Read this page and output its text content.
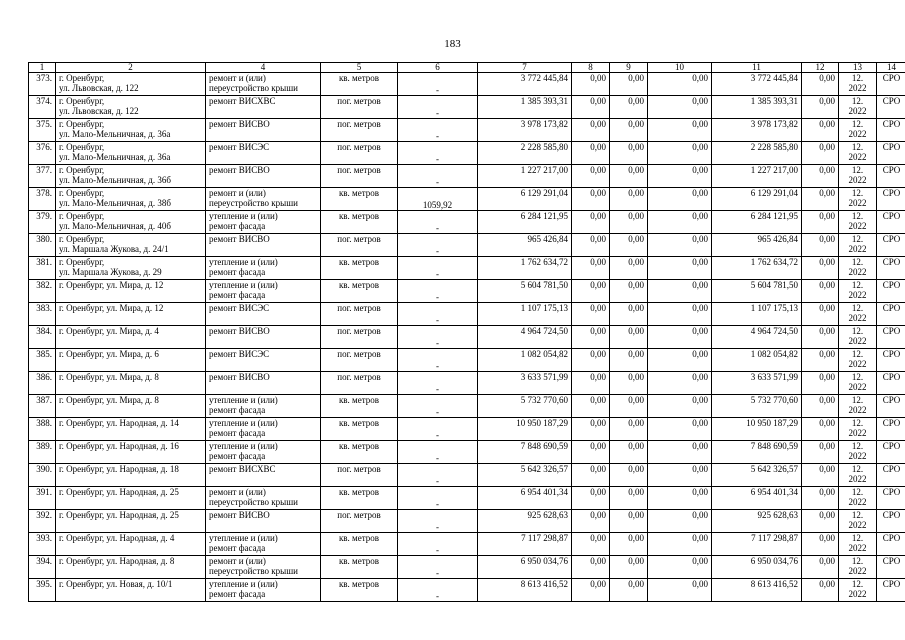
183
1	2	4	5	6	7	8	9	10	11	12	13	14
373.	г. Оренбург,
ул. Львовская, д. 122	ремонт и (или)
переустройство крыши	кв. метров	-	3 772 445,84	0,00	0,00	0,00	3 772 445,84	0,00	12.
2022	СРО
374.	г. Оренбург,
ул. Львовская, д. 122	ремонт ВИСХВС	пог. метров	-	1 385 393,31	0,00	0,00	0,00	1 385 393,31	0,00	12.
2022	СРО
375.	г. Оренбург,
ул. Мало-Мельничная, д. 36а	ремонт ВИСВО	пог. метров	-	3 978 173,82	0,00	0,00	0,00	3 978 173,82	0,00	12.
2022	СРО
376.	г. Оренбург,
ул. Мало-Мельничная, д. 36а	ремонт ВИСЭС	пог. метров	-	2 228 585,80	0,00	0,00	0,00	2 228 585,80	0,00	12.
2022	СРО
377.	г. Оренбург,
ул. Мало-Мельничная, д. 36б	ремонт ВИСВО	пог. метров	-	1 227 217,00	0,00	0,00	0,00	1 227 217,00	0,00	12.
2022	СРО
378.	г. Оренбург,
ул. Мало-Мельничная, д. 38б	ремонт и (или)
переустройство крыши	кв. метров	1059,92	6 129 291,04	0,00	0,00	0,00	6 129 291,04	0,00	12.
2022	СРО
379.	г. Оренбург,
ул. Мало-Мельничная, д. 40б	утепление и (или)
ремонт фасада	кв. метров	-	6 284 121,95	0,00	0,00	0,00	6 284 121,95	0,00	12.
2022	СРО
380.	г. Оренбург,
ул. Маршала Жукова, д. 24/1	ремонт ВИСВО	пог. метров	-	965 426,84	0,00	0,00	0,00	965 426,84	0,00	12.
2022	СРО
381.	г. Оренбург,
ул. Маршала Жукова, д. 29	утепление и (или)
ремонт фасада	кв. метров	-	1 762 634,72	0,00	0,00	0,00	1 762 634,72	0,00	12.
2022	СРО
382.	г. Оренбург, ул. Мира, д. 12	утепление и (или)
ремонт фасада	кв. метров	-	5 604 781,50	0,00	0,00	0,00	5 604 781,50	0,00	12.
2022	СРО
383.	г. Оренбург, ул. Мира, д. 12	ремонт ВИСЭС	пог. метров	-	1 107 175,13	0,00	0,00	0,00	1 107 175,13	0,00	12.
2022	СРО
384.	г. Оренбург, ул. Мира, д. 4	ремонт ВИСВО	пог. метров	-	4 964 724,50	0,00	0,00	0,00	4 964 724,50	0,00	12.
2022	СРО
385.	г. Оренбург, ул. Мира, д. 6	ремонт ВИСЭС	пог. метров	-	1 082 054,82	0,00	0,00	0,00	1 082 054,82	0,00	12.
2022	СРО
386.	г. Оренбург, ул. Мира, д. 8	ремонт ВИСВО	пог. метров	-	3 633 571,99	0,00	0,00	0,00	3 633 571,99	0,00	12.
2022	СРО
387.	г. Оренбург, ул. Мира, д. 8	утепление и (или)
ремонт фасада	кв. метров	-	5 732 770,60	0,00	0,00	0,00	5 732 770,60	0,00	12.
2022	СРО
388.	г. Оренбург, ул. Народная, д. 14	утепление и (или)
ремонт фасада	кв. метров	-	10 950 187,29	0,00	0,00	0,00	10 950 187,29	0,00	12.
2022	СРО
389.	г. Оренбург, ул. Народная, д. 16	утепление и (или)
ремонт фасада	кв. метров	-	7 848 690,59	0,00	0,00	0,00	7 848 690,59	0,00	12.
2022	СРО
390.	г. Оренбург, ул. Народная, д. 18	ремонт ВИСХВС	пог. метров	-	5 642 326,57	0,00	0,00	0,00	5 642 326,57	0,00	12.
2022	СРО
391.	г. Оренбург, ул. Народная, д. 25	ремонт и (или)
переустройство крыши	кв. метров	-	6 954 401,34	0,00	0,00	0,00	6 954 401,34	0,00	12.
2022	СРО
392.	г. Оренбург, ул. Народная, д. 25	ремонт ВИСВО	пог. метров	-	925 628,63	0,00	0,00	0,00	925 628,63	0,00	12.
2022	СРО
393.	г. Оренбург, ул. Народная, д. 4	утепление и (или)
ремонт фасада	кв. метров	-	7 117 298,87	0,00	0,00	0,00	7 117 298,87	0,00	12.
2022	СРО
394.	г. Оренбург, ул. Народная, д. 8	ремонт и (или)
переустройство крыши	кв. метров	-	6 950 034,76	0,00	0,00	0,00	6 950 034,76	0,00	12.
2022	СРО
395.	г. Оренбург, ул. Новая, д. 10/1	утепление и (или)
ремонт фасада	кв. метров	-	8 613 416,52	0,00	0,00	0,00	8 613 416,52	0,00	12.
2022	СРО
